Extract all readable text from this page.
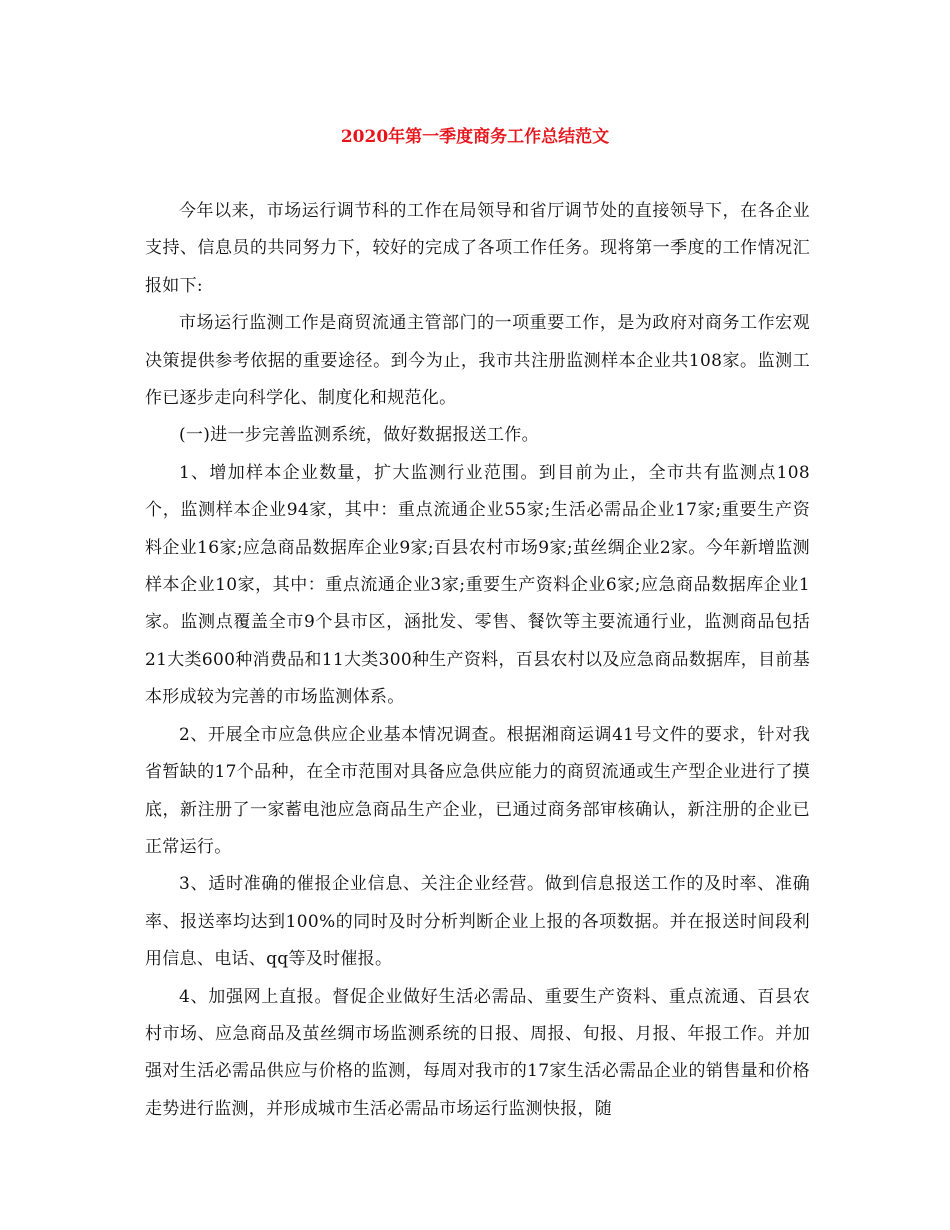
2020年第一季度商务工作总结范文

今年以来，市场运行调节科的工作在局领导和省厅调节处的直接领导下，在各企业支持、信息员的共同努力下，较好的完成了各项工作任务。现将第一季度的工作情况汇报如下:

市场运行监测工作是商贸流通主管部门的一项重要工作，是为政府对商务工作宏观决策提供参考依据的重要途径。到今为止，我市共注册监测样本企业共108家。监测工作已逐步走向科学化、制度化和规范化。

(一)进一步完善监测系统，做好数据报送工作。

1、增加样本企业数量，扩大监测行业范围。到目前为止，全市共有监测点108个，监测样本企业94家，其中：重点流通企业55家;生活必需品企业17家;重要生产资料企业16家;应急商品数据库企业9家;百县农村市场9家;茧丝绸企业2家。今年新增监测样本企业10家，其中：重点流通企业3家;重要生产资料企业6家;应急商品数据库企业1家。监测点覆盖全市9个县市区，涵批发、零售、餐饮等主要流通行业，监测商品包括21大类600种消费品和11大类300种生产资料，百县农村以及应急商品数据库，目前基本形成较为完善的市场监测体系。

2、开展全市应急供应企业基本情况调查。根据湘商运调41号文件的要求，针对我省暂缺的17个品种，在全市范围对具备应急供应能力的商贸流通或生产型企业进行了摸底，新注册了一家蓄电池应急商品生产企业，已通过商务部审核确认，新注册的企业已正常运行。

3、适时准确的催报企业信息、关注企业经营。做到信息报送工作的及时率、准确率、报送率均达到100%的同时及时分析判断企业上报的各项数据。并在报送时间段利用信息、电话、qq等及时催报。

4、加强网上直报。督促企业做好生活必需品、重要生产资料、重点流通、百县农村市场、应急商品及茧丝绸市场监测系统的日报、周报、旬报、月报、年报工作。并加强对生活必需品供应与价格的监测，每周对我市的17家生活必需品企业的销售量和价格走势进行监测，并形成城市生活必需品市场运行监测快报，随
